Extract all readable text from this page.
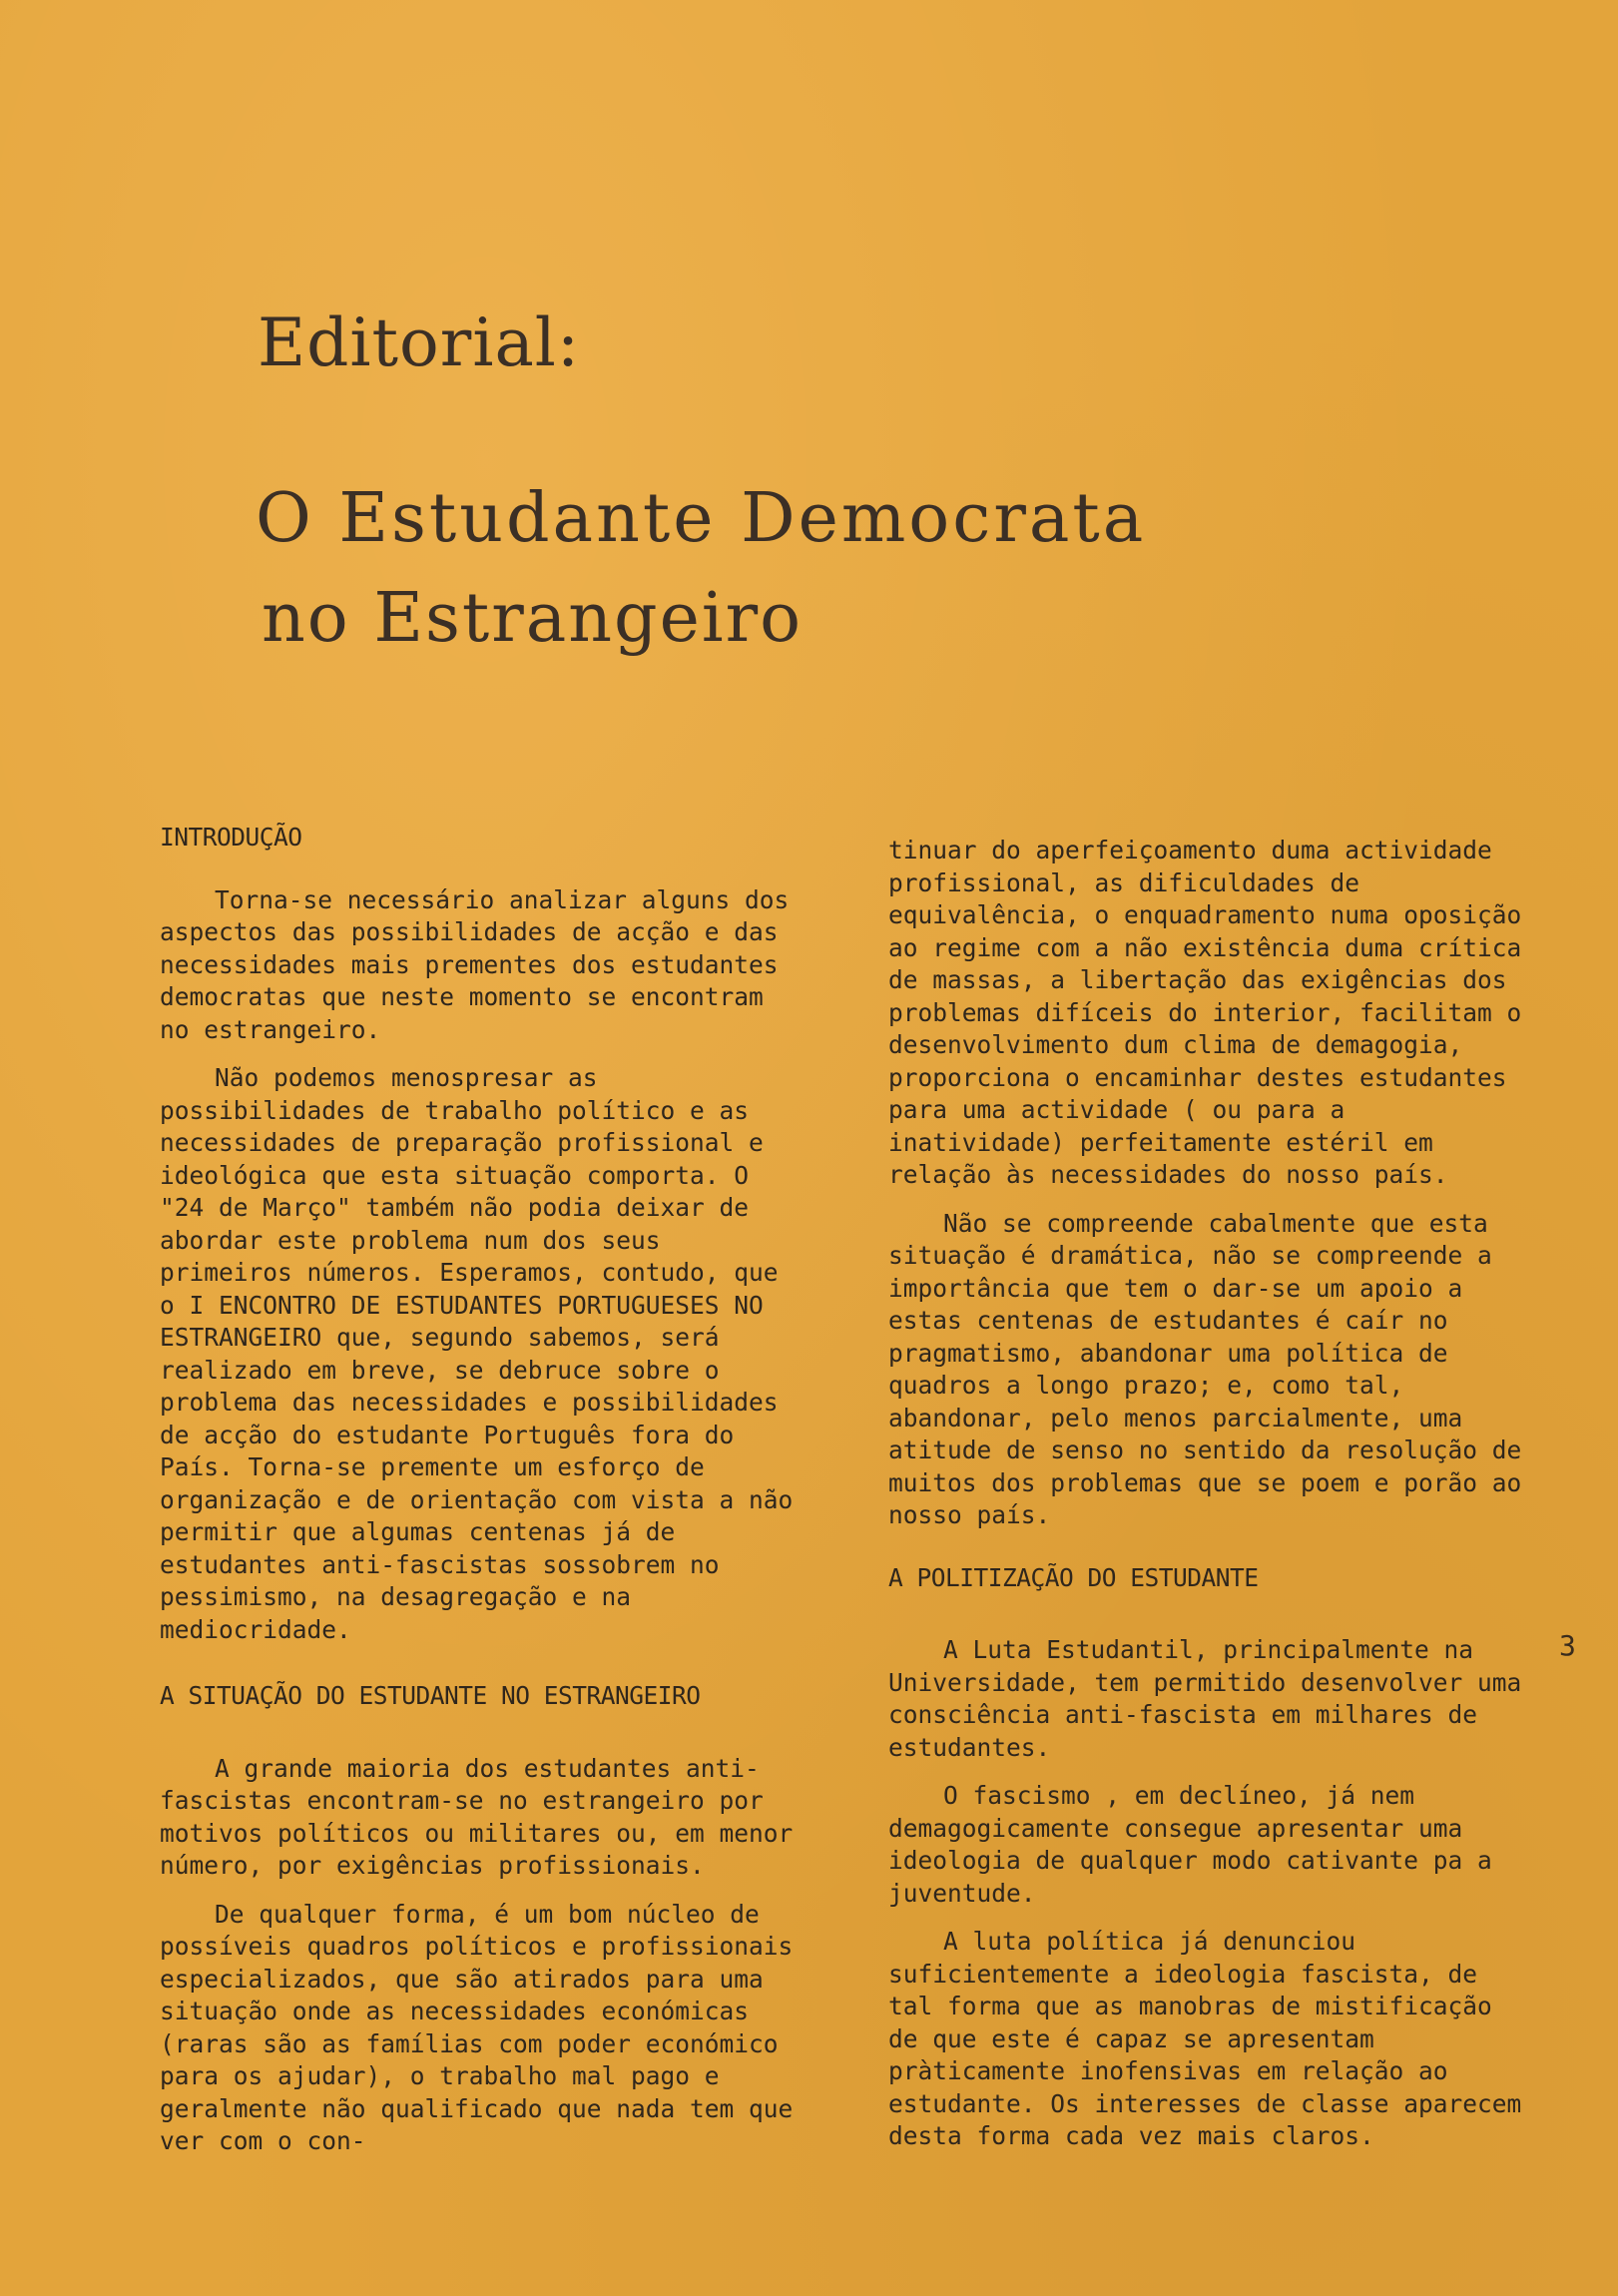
Editorial:
O Estudante Democrata
no Estrangeiro
INTRODUÇÃO

Torna-se necessário analizar alguns dos aspectos das possibilidades de acção e das necessidades mais prementes dos estudantes democratas que neste momento se encontram no estrangeiro.

Não podemos menospresar as possibilidades de trabalho político e as necessidades de preparação profissional e ideológica que esta situação comporta. O "24 de Março" também não podia deixar de abordar este problema num dos seus primeiros números. Esperamos, contudo, que o I ENCONTRO DE ESTUDANTES PORTUGUESES NO ESTRANGEIRO que, segundo sabemos, será realizado em breve, se debruce sobre o problema das necessidades e possibilidades de acção do estudante Português fora do País. Torna-se premente um esforço de organização e de orientação com vista a não permitir que algumas centenas já de estudantes anti-fascistas sossobrem no pessimismo, na desagregação e na mediocridade.

A SITUAÇÃO DO ESTUDANTE NO ESTRANGEIRO

A grande maioria dos estudantes anti-fascistas encontram-se no estrangeiro por motivos políticos ou militares ou, em menor número, por exigências profissionais.

De qualquer forma, é um bom núcleo de possíveis quadros políticos e profissionais especializados, que são atirados para uma situação onde as necessidades económicas (raras são as famílias com poder económico para os ajudar), o trabalho mal pago e geralmente não qualificado que nada tem que ver com o con-

tinuar do aperfeiçoamento duma actividade profissional, as dificuldades de equivalência, o enquadramento numa oposição ao regime com a não existência duma crítica de massas, a libertação das exigências dos problemas difíceis do interior, facilitam o desenvolvimento dum clima de demagogia, proporciona o encaminhar destes estudantes para uma actividade ( ou para a inatividade) perfeitamente estéril em relação às necessidades do nosso país.

Não se compreende cabalmente que esta situação é dramática, não se compreende a importância que tem o dar-se um apoio a estas centenas de estudantes é caír no pragmatismo, abandonar uma política de quadros a longo prazo; e, como tal, abandonar, pelo menos parcialmente, uma atitude de senso no sentido da resolução de muitos dos problemas que se poem e porão ao nosso país.

A POLITIZAÇÃO DO ESTUDANTE

A Luta Estudantil, principalmente na Universidade, tem permitido desenvolver uma consciência anti-fascista em milhares de estudantes.

O fascismo , em declíneo, já nem demagogicamente consegue apresentar uma ideologia de qualquer modo cativante pa a juventude.

A luta política já denunciou suficientemente a ideologia fascista, de tal forma que as manobras de mistificação de que este é capaz se apresentam pràticamente inofensivas em relação ao estudante. Os interesses de classe aparecem desta forma cada vez mais claros.

3
